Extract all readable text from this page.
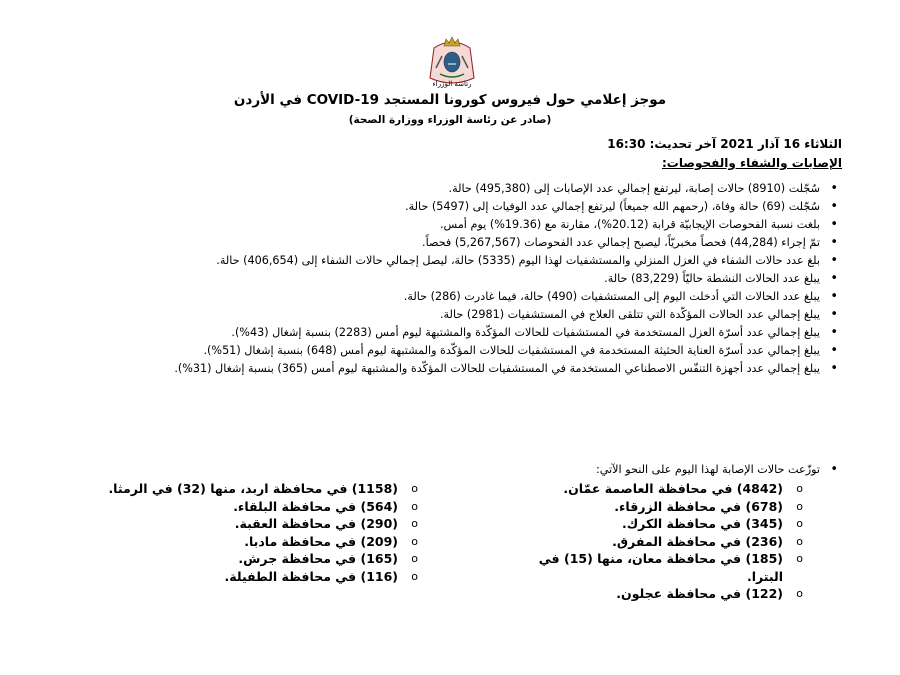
رئاسة الوزراء
موجز إعلامي حول فيروس كورونا المستجد COVID-19 في الأردن
(صادر عن رئاسة الوزراء ووزارة الصحة)
الثلاثاء 16 آذار 2021 آخر تحديث: 16:30
الإصابات والشفاء والفحوصات:
• سُجّلت (8910) حالات إصابة، ليرتفع إجمالي عدد الإصابات إلى (495,380) حالة.
• سُجّلت (69) حالة وفاة، (رحمهم الله جميعاً) ليرتفع إجمالي عدد الوفيات إلى (5497) حالة.
• بلغت نسبة الفحوصات الإيجابيّة قرابة (20.12%)، مقارنة مع (19.36%) يوم أمس.
• تمّ إجراء (44,284) فحصاً مخبريّاً، ليصبح إجمالي عدد الفحوصات (5,267,567) فحصاً.
• بلغ عدد حالات الشفاء في العزل المنزلي والمستشفيات لهذا اليوم (5335) حالة، ليصل إجمالي حالات الشفاء إلى (406,654) حالة.
• يبلغ عدد الحالات النشطة حاليّاً (83,229) حالة.
• يبلغ عدد الحالات التي أدخلت اليوم إلى المستشفيات (490) حالة، فيما غادرت (286) حالة.
• يبلغ إجمالي عدد الحالات المؤكّدة التي تتلقى العلاج في المستشفيات (2981) حالة.
• يبلغ إجمالي عدد أسرّة العزل المستخدمة في المستشفيات للحالات المؤكّدة والمشتبهة ليوم أمس (2283) بنسبة إشغال (43%).
• يبلغ إجمالي عدد أسرّة العناية الحثيثة المستخدمة في المستشفيات للحالات المؤكّدة والمشتبهة ليوم أمس (648) بنسبة إشغال (51%).
• يبلغ إجمالي عدد أجهزة التنفّس الاصطناعي المستخدمة في المستشفيات للحالات المؤكّدة والمشتبهة ليوم أمس (365) بنسبة إشغال (31%).
• توزّعت حالات الإصابة لهذا اليوم على النحو الآتي:
o (4842) في محافظة العاصمة عمّان.
o (678) في محافظة الزرقاء.
o (345) في محافظة الكرك.
o (236) في محافظة المفرق.
o (185) في محافظة معان، منها (15) في البترا.
o (122) في محافظة عجلون.
o (1158) في محافظة اربد، منها (32) في الرمثا.
o (564) في محافظة البلقاء.
o (290) في محافظة العقبة.
o (209) في محافظة مادبا.
o (165) في محافظة جرش.
o (116) في محافظة الطفيلة.
